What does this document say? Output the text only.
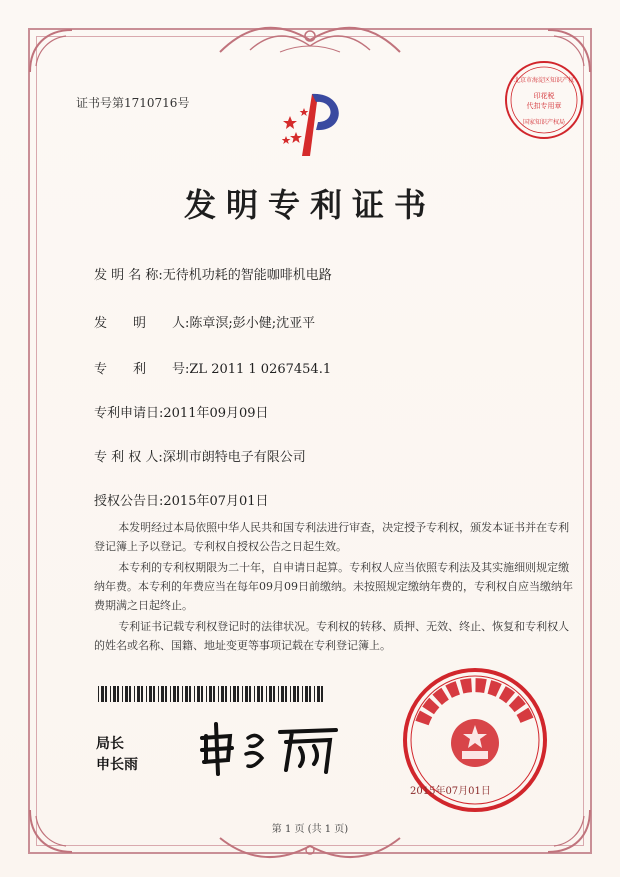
证书号第1710716号
北京市海淀区知识产权
印花税
代扣专用章
国家知识产权局
发明专利证书
发 明 名 称:无待机功耗的智能咖啡机电路
发　　明　　人:陈章溟;彭小健;沈亚平
专　　利　　号:ZL 2011 1 0267454.1
专利申请日:2011年09月09日
专 利 权 人:深圳市朗特电子有限公司
授权公告日:2015年07月01日
本发明经过本局依照中华人民共和国专利法进行审查，决定授予专利权，颁发本证书并在专利登记簿上予以登记。专利权自授权公告之日起生效。
本专利的专利权期限为二十年，自申请日起算。专利权人应当依照专利法及其实施细则规定缴纳年费。本专利的年费应当在每年09月09日前缴纳。未按照规定缴纳年费的，专利权自应当缴纳年费期满之日起终止。
专利证书记载专利权登记时的法律状况。专利权的转移、质押、无效、终止、恢复和专利权人的姓名或名称、国籍、地址变更等事项记载在专利登记簿上。
局长
申长雨
2015年07月01日
第 1 页 (共 1 页)
